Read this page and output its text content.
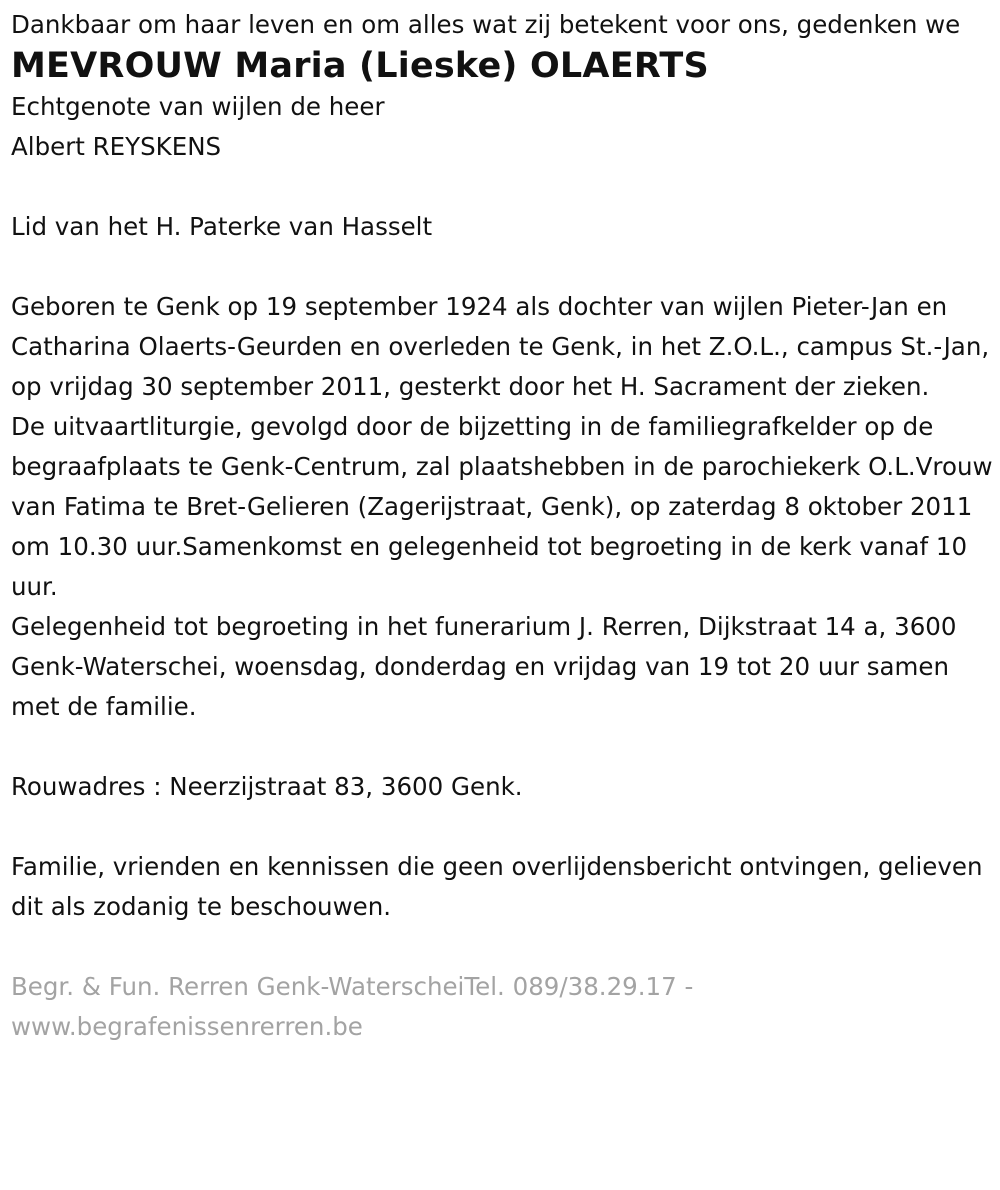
Dankbaar om haar leven en om alles wat zij betekent voor ons, gedenken we

MEVROUW Maria (Lieske) OLAERTS

Echtgenote van wijlen de heer

Albert REYSKENS

Lid van het H. Paterke van Hasselt

Geboren te Genk op 19 september 1924 als dochter van wijlen Pieter-Jan en Catharina Olaerts-Geurden en overleden te Genk, in het Z.O.L., campus St.-Jan, op vrijdag 30 september 2011, gesterkt door het H. Sacrament der zieken.

De uitvaartliturgie, gevolgd door de bijzetting in de familiegrafkelder op de begraafplaats te Genk-Centrum, zal plaatshebben in de parochiekerk O.L.Vrouw van Fatima te Bret-Gelieren (Zagerijstraat, Genk), op zaterdag 8 oktober 2011 om 10.30 uur.Samenkomst en gelegenheid tot begroeting in de kerk vanaf 10 uur.

Gelegenheid tot begroeting in het funerarium J. Rerren, Dijkstraat 14 a, 3600 Genk-Waterschei, woensdag, donderdag en vrijdag van 19 tot 20 uur samen met de familie.

Rouwadres : Neerzijstraat 83, 3600 Genk.

Familie, vrienden en kennissen die geen overlijdensbericht ontvingen, gelieven dit als zodanig te beschouwen.

Begr. & Fun. Rerren Genk-WaterscheiTel. 089/38.29.17 - www.begrafenissenrerren.be
